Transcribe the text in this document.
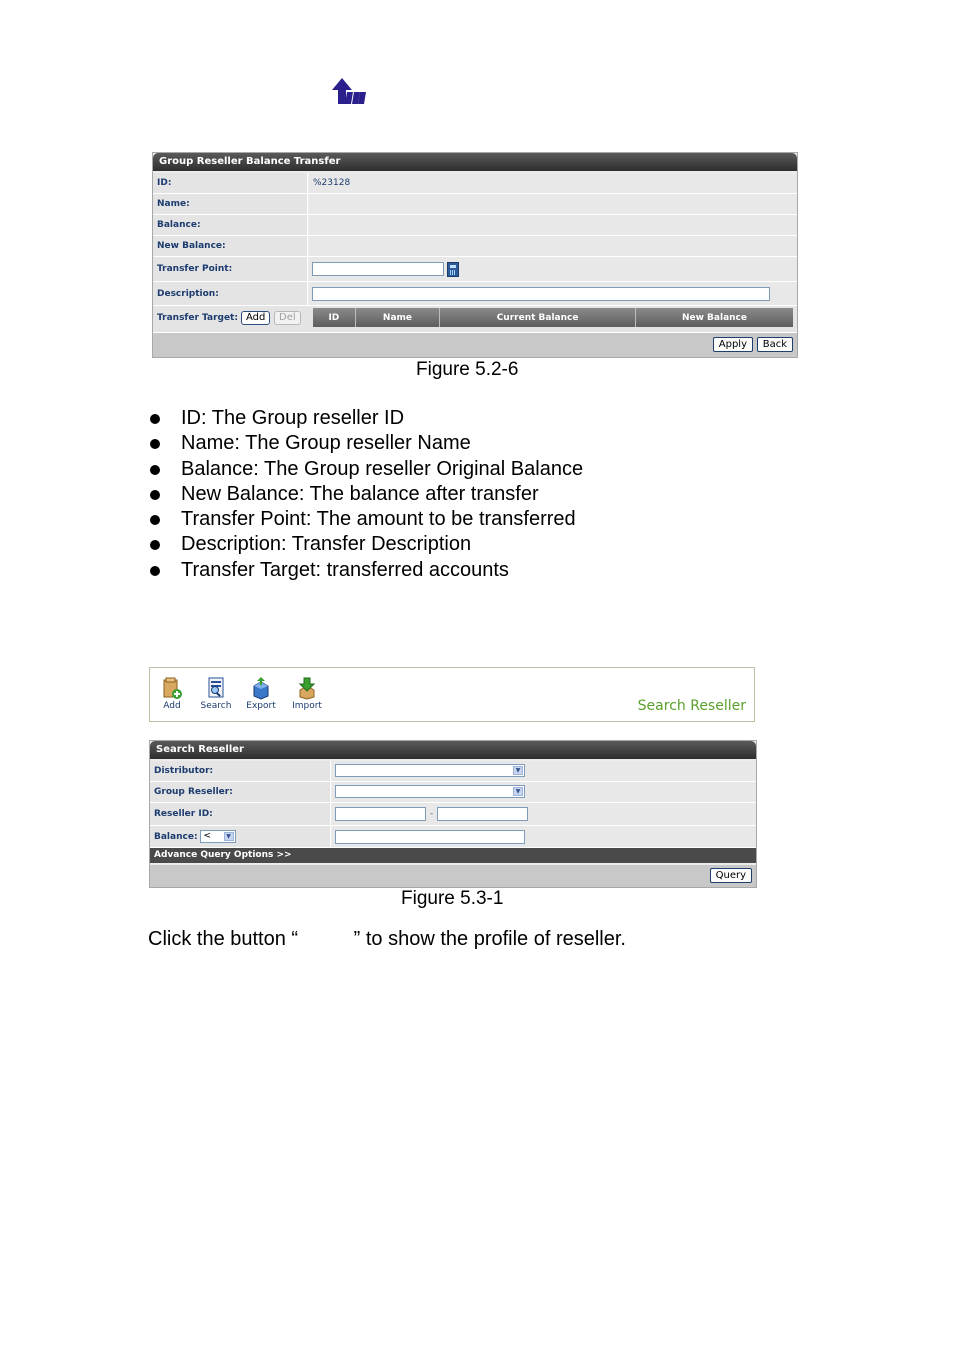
Group Reseller Balance Transfer
ID:	%23128
Name:
Balance:
New Balance:
Transfer Point:
Description:
Transfer Target: Add	Del	ID	Name	Current Balance	New Balance
Apply	Back
Figure 5.2-6
ID: The Group reseller ID
Name: The Group reseller Name
Balance: The Group reseller Original Balance
New Balance: The balance after transfer
Transfer Point: The amount to be transferred
Description: Transfer Description
Transfer Target: transferred accounts
Add	Search	Export	Import	Search Reseller
Search Reseller
Distributor:	▼
Group Reseller:	▼
Reseller ID:	-
Balance: <	▼
Advance Query Options >>
Query
Figure 5.3-1
Click the button “          ” to show the profile of reseller.
